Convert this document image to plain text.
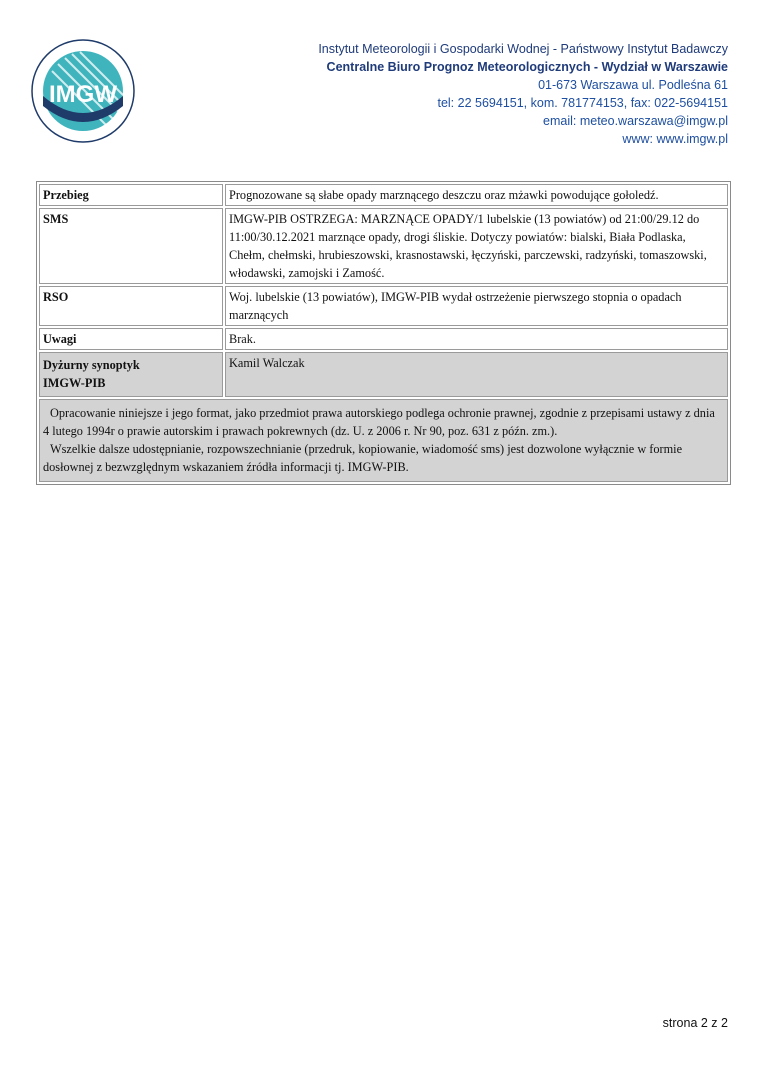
IMGW
Instytut Meteorologii i Gospodarki Wodnej - Państwowy Instytut Badawczy
Centralne Biuro Prognoz Meteorologicznych - Wydział w Warszawie
01-673 Warszawa ul. Podleśna 61
tel: 22 5694151, kom. 781774153, fax: 022-5694151
email: meteo.warszawa@imgw.pl
www: www.imgw.pl
Przebieg	Prognozowane są słabe opady marznącego deszczu oraz mżawki powodujące gołoledź.
SMS	IMGW-PIB OSTRZEGA: MARZNĄCE OPADY/1 lubelskie (13 powiatów) od 21:00/29.12 do 11:00/30.12.2021 marznące opady, drogi śliskie. Dotyczy powiatów: bialski, Biała Podlaska, Chełm, chełmski, hrubieszowski, krasnostawski, łęczyński, parczewski, radzyński, tomaszowski, włodawski, zamojski i Zamość.
RSO	Woj. lubelskie (13 powiatów), IMGW-PIB wydał ostrzeżenie pierwszego stopnia o opadach marznących
Uwagi	Brak.

Dyżurny synoptyk
IMGW-PIB	Kamil Walczak

Opracowanie niniejsze i jego format, jako przedmiot prawa autorskiego podlega ochronie prawnej, zgodnie z przepisami ustawy z dnia 4 lutego 1994r o prawie autorskim i prawach pokrewnych (dz. U. z 2006 r. Nr 90, poz. 631 z późn. zm.).

Wszelkie dalsze udostępnianie, rozpowszechnianie (przedruk, kopiowanie, wiadomość sms) jest dozwolone wyłącznie w formie dosłownej z bezwzględnym wskazaniem źródła informacji tj. IMGW-PIB.

strona 2 z 2
